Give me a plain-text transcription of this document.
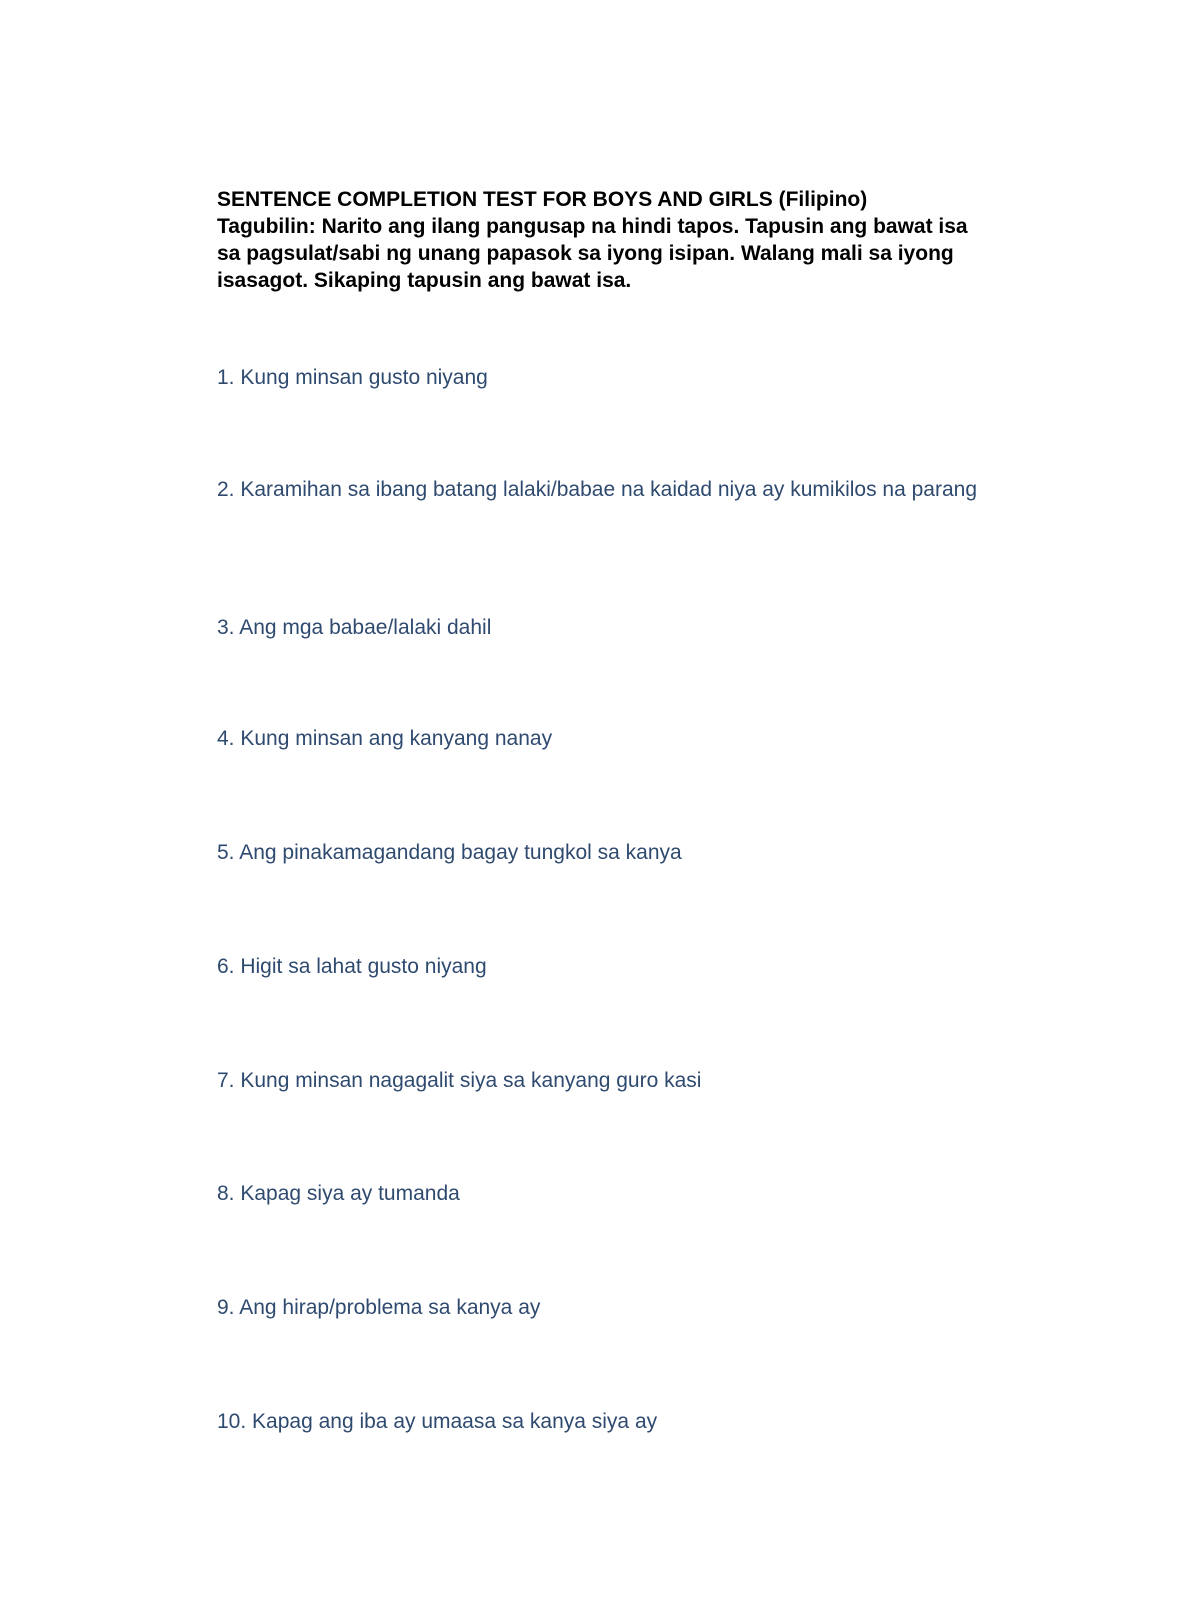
SENTENCE COMPLETION TEST FOR BOYS AND GIRLS (Filipino)

Tagubilin: Narito ang ilang pangusap na hindi tapos. Tapusin ang bawat isa
sa pagsulat/sabi ng unang papasok sa iyong isipan. Walang mali sa iyong isasagot. Sikaping tapusin ang bawat isa.

1. Kung minsan gusto niyang
2. Karamihan sa ibang batang lalaki/babae na kaidad niya ay kumikilos na parang
3. Ang mga babae/lalaki dahil
4. Kung minsan ang kanyang nanay
5. Ang pinakamagandang bagay tungkol sa kanya
6. Higit sa lahat gusto niyang
7. Kung minsan nagagalit siya sa kanyang guro kasi
8. Kapag siya ay tumanda
9. Ang hirap/problema sa kanya ay
10. Kapag ang iba ay umaasa sa kanya siya ay
